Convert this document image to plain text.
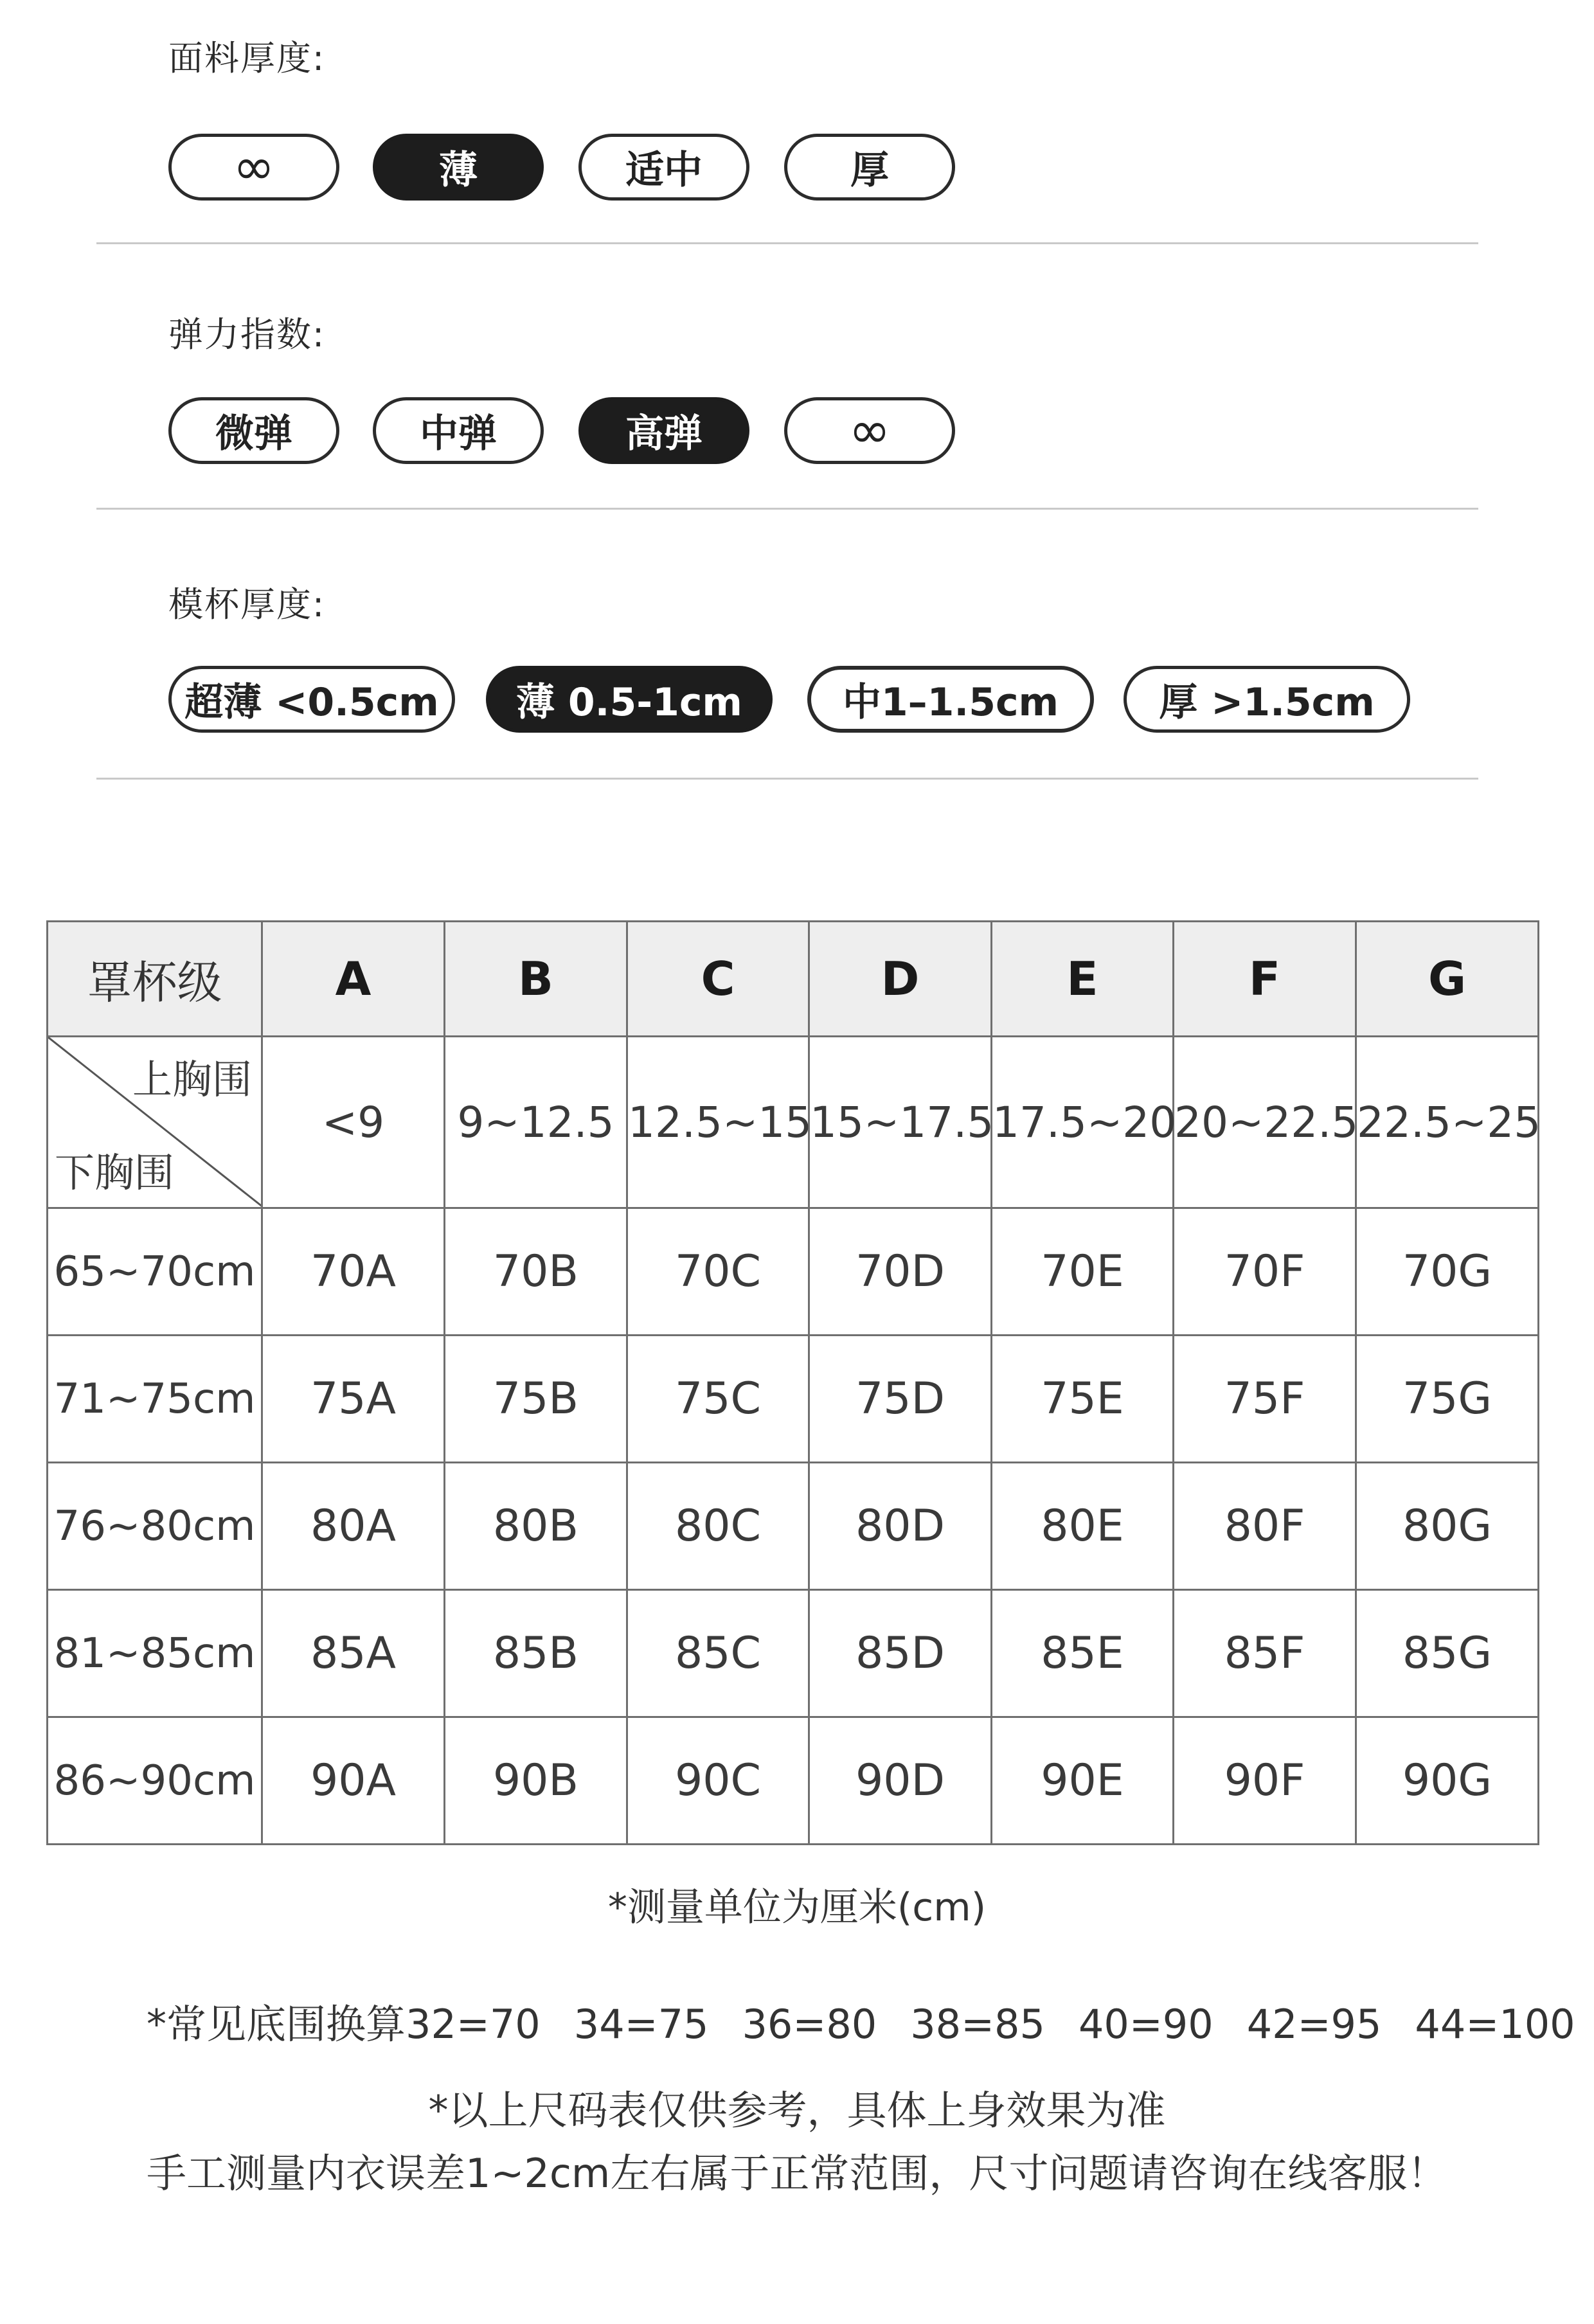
面料厚度:
∞	薄	适中	厚
弹力指数:
微弹	中弹	高弹	∞
模杯厚度:
超薄 <0.5cm 薄 0.5-1cm	中1–1.5cm	厚 >1.5cm
罩杯级	A	B	C	D	E	F	G

上胸围
下胸围	<9	9~12.5	12.5~15	15~17.5	17.5~20	20~22.5	22.5~25
65~70cm	70A	70B	70C	70D	70E	70F	70G
71~75cm	75A	75B	75C	75D	75E	75F	75G
76~80cm	80A	80B	80C	80D	80E	80F	80G
81~85cm	85A	85B	85C	85D	85E	85F	85G
86~90cm	90A	90B	90C	90D	90E	90F	90G
*测量单位为厘米(cm)
*常见底围换算32=70 34=75 36=80 38=85 40=90 42=95 44=100
*以上尺码表仅供参考，具体上身效果为准
手工测量内衣误差1~2cm左右属于正常范围，尺寸问题请咨询在线客服！
